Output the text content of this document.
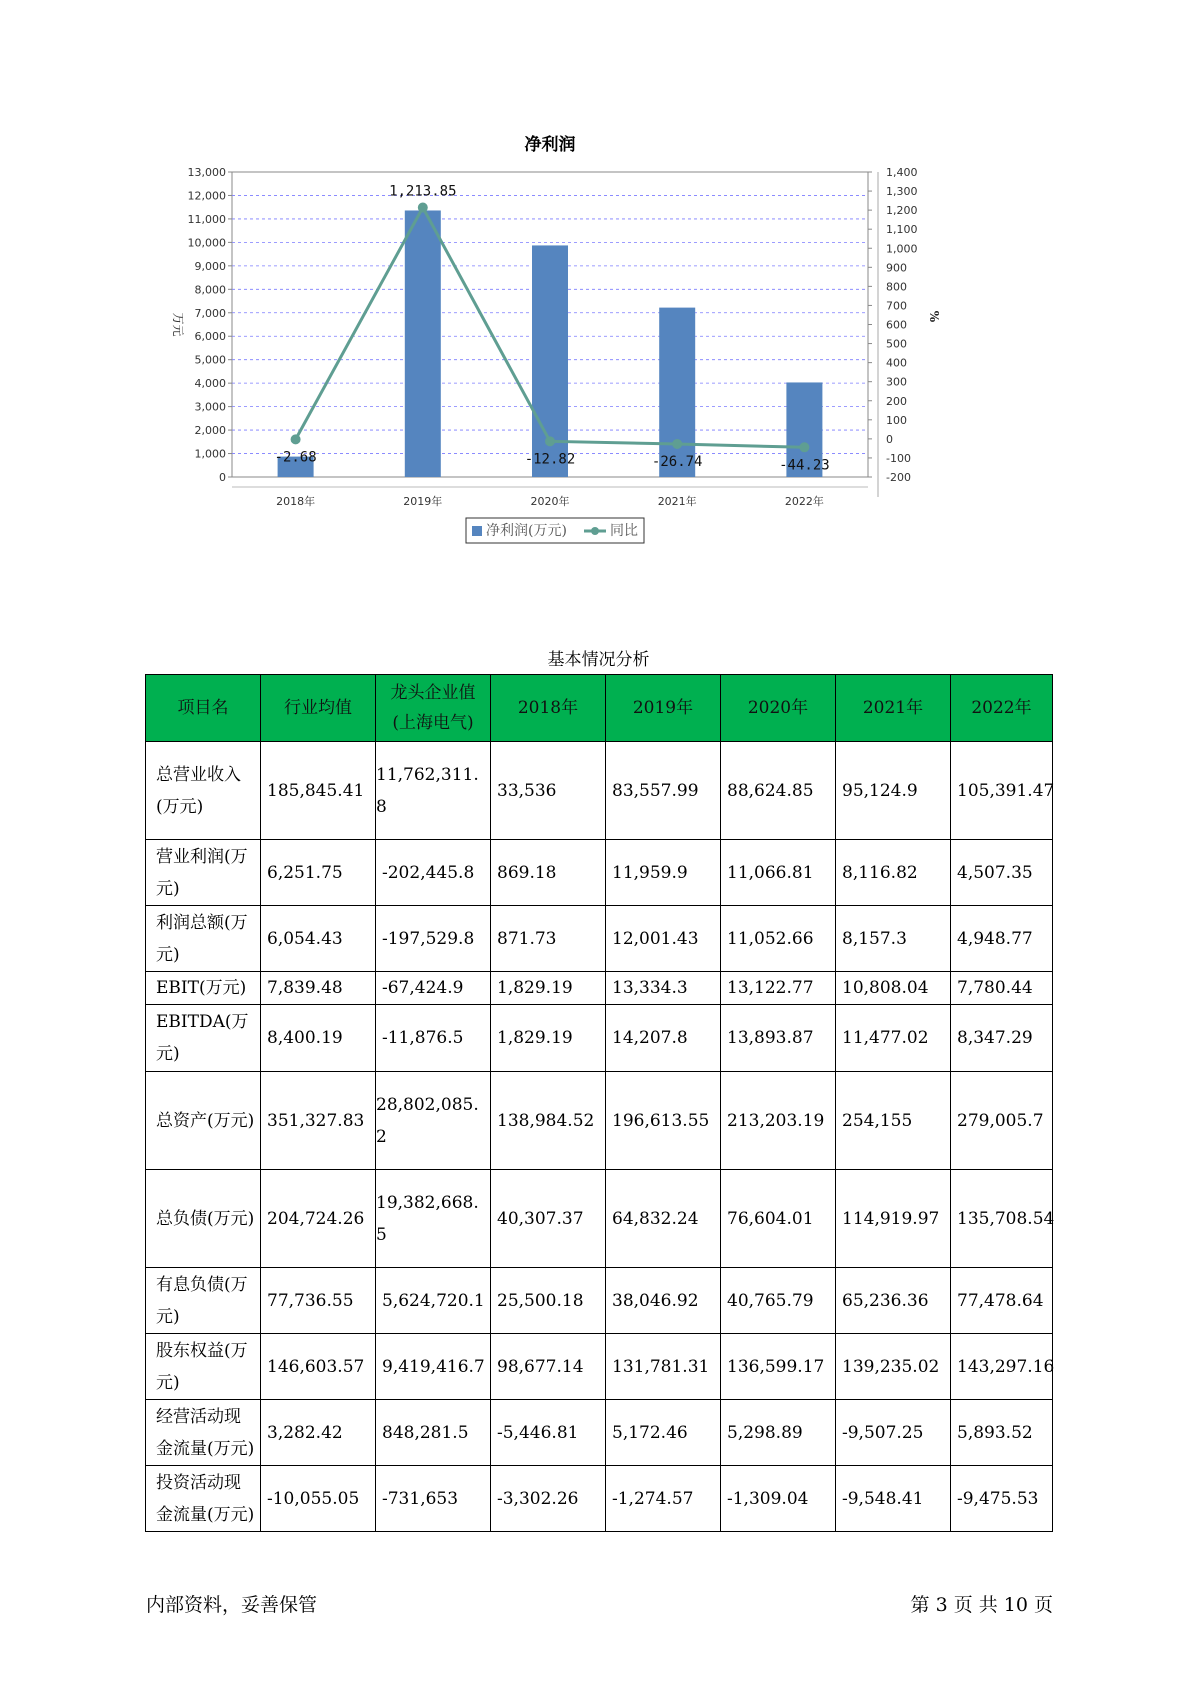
净利润
0
1,000
2,000
3,000
4,000
5,000
6,000
7,000
8,000
9,000
10,000
11,000
12,000
13,000
-200
-100
0
100
200
300
400
500
600
700
800
900
1,000
1,100
1,200
1,300
1,400
万元	%
2018年	2019年	2020年	2021年	2022年
-2.68
1,213.85
-12.82	-26.74	-44.23
净利润(万元)	同比
基本情况分析
项目名	行业均值	龙头企业值(上海电气)	2018年	2019年	2020年	2021年	2022年
总营业收入(万元)	185,845.41	11,762,311.8	33,536	83,557.99	88,624.85	95,124.9	105,391.47
营业利润(万元)	6,251.75	-202,445.8	869.18	11,959.9	11,066.81	8,116.82	4,507.35
利润总额(万元)	6,054.43	-197,529.8	871.73	12,001.43	11,052.66	8,157.3	4,948.77
EBIT(万元)	7,839.48	-67,424.9	1,829.19	13,334.3	13,122.77	10,808.04	7,780.44
EBITDA(万元)	8,400.19	-11,876.5	1,829.19	14,207.8	13,893.87	11,477.02	8,347.29
总资产(万元)	351,327.83	28,802,085.2	138,984.52	196,613.55	213,203.19	254,155	279,005.7
总负债(万元)	204,724.26	19,382,668.5	40,307.37	64,832.24	76,604.01	114,919.97	135,708.54
有息负债(万元)	77,736.55	5,624,720.1	25,500.18	38,046.92	40,765.79	65,236.36	77,478.64
股东权益(万元)	146,603.57	9,419,416.7	98,677.14	131,781.31	136,599.17	139,235.02	143,297.16
经营活动现金流量(万元)	3,282.42	848,281.5	-5,446.81	5,172.46	5,298.89	-9,507.25	5,893.52
投资活动现金流量(万元)	-10,055.05	-731,653	-3,302.26	-1,274.57	-1,309.04	-9,548.41	-9,475.53
内部资料，妥善保管	第 3 页 共 10 页
